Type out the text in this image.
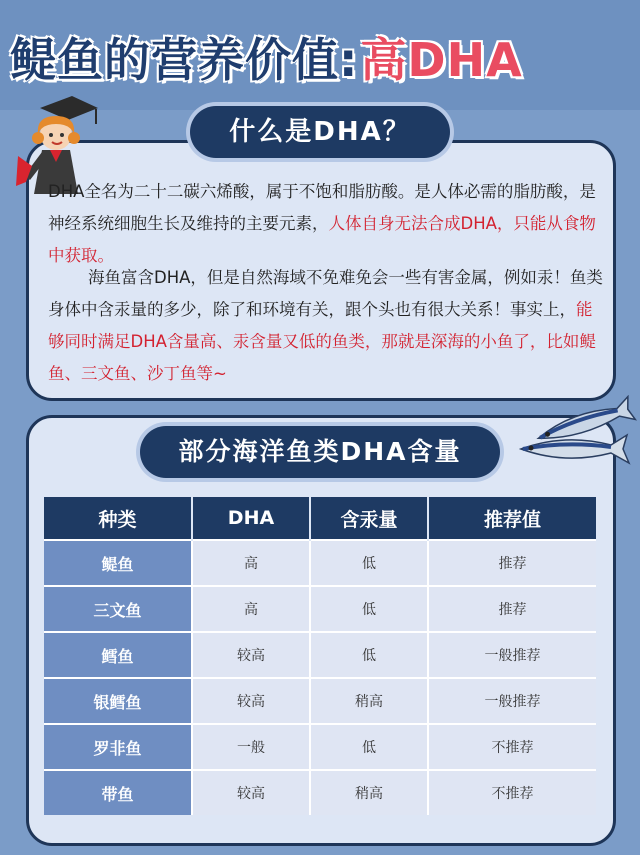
鳀鱼的营养价值: 高DHA
什么是DHA？
DHA全名为二十二碳六烯酸，属于不饱和脂肪酸。是人体必需的脂肪酸，是神经系统细胞生长及维持的主要元素，人体自身无法合成DHA，只能从食物中获取。
海鱼富含DHA，但是自然海域不免难免会一些有害金属，例如汞！鱼类身体中含汞量的多少，除了和环境有关，跟个头也有很大关系！事实上，能够同时满足DHA含量高、汞含量又低的鱼类，那就是深海的小鱼了，比如鳀鱼、三文鱼、沙丁鱼等~
部分海洋鱼类DHA含量
种类	DHA	含汞量	推荐值
鳀鱼	高	低	推荐
三文鱼	高	低	推荐
鳕鱼	较高	低	一般推荐
银鳕鱼	较高	稍高	一般推荐
罗非鱼	一般	低	不推荐
带鱼	较高	稍高	不推荐
